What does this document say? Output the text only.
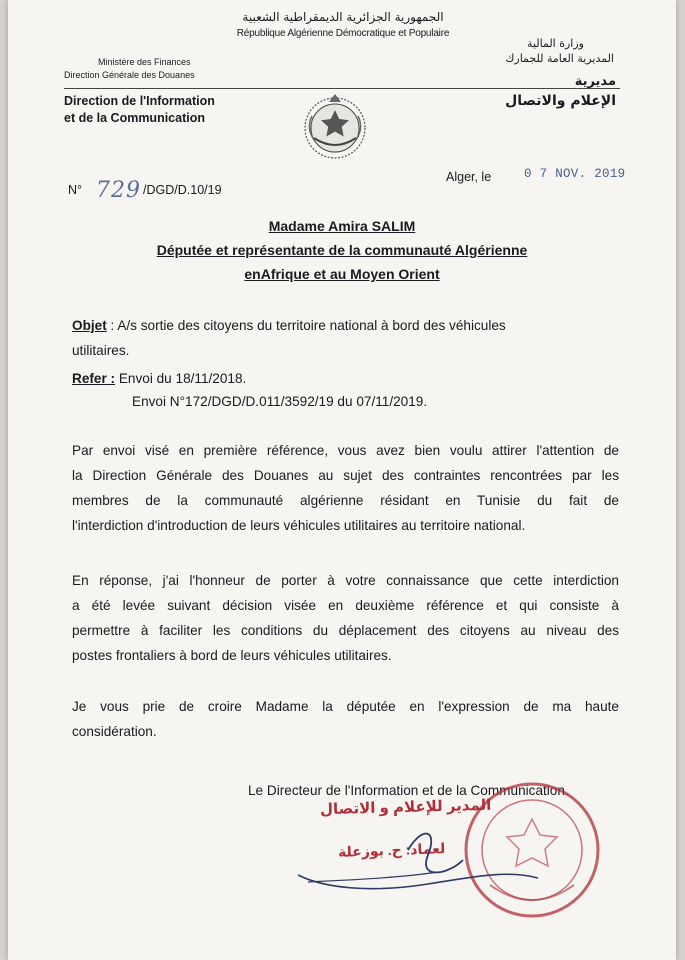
الجمهورية الجزائرية الديمقراطية الشعبية
République Algérienne Démocratique et Populaire
Ministère des Finances
Direction Générale des Douanes
وزارة المالية
المديرية العامة للجمارك
Direction de l'Information
et de la Communication
مديرية
الإعلام والاتصال
N° 729 /DGD/D.10/19
Alger, le	0 7 NOV. 2019
Madame Amira SALIM
Députée et représentante de la communauté Algérienne
enAfrique et au Moyen Orient
Objet : A/s sortie des citoyens du territoire national à bord des véhicules
utilitaires.
Refer : Envoi du 18/11/2018.
Envoi N°172/DGD/D.011/3592/19 du 07/11/2019.
Par envoi visé en première référence, vous avez bien voulu attirer l'attention de
la Direction Générale des Douanes au sujet des contraintes rencontrées par les
membres de la communauté algérienne résidant en Tunisie du fait de
l'interdiction d'introduction de leurs véhicules utilitaires au territoire national.
En réponse, j'ai l'honneur de porter à votre connaissance que cette interdiction
a été levée suivant décision visée en deuxième référence et qui consiste à
permettre à faciliter les conditions du déplacement des citoyens au niveau des
postes frontaliers à bord de leurs véhicules utilitaires.
Je vous prie de croire Madame la députée en l'expression de ma haute
considération.
Le Directeur de l'Information et de la Communication.
المدير للإعلام و الاتصال
لعماد: ح. بوزعلة
